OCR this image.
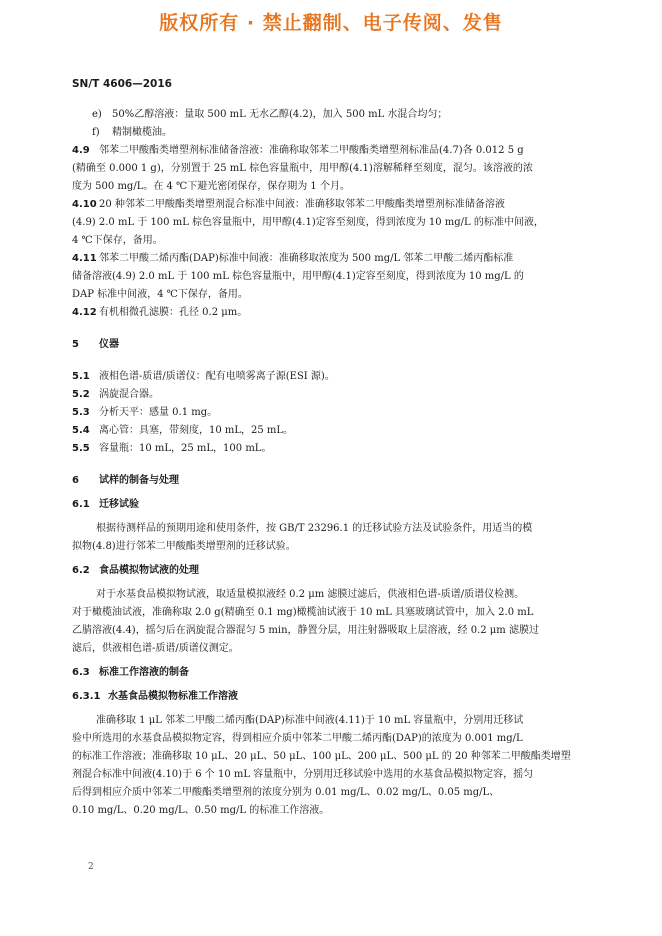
版权所有 · 禁止翻制、电子传阅、发售
SN/T 4606—2016
e) 50%乙醇溶液：量取 500 mL 无水乙醇(4.2)，加入 500 mL 水混合均匀；
f) 精制橄榄油。
4.9 邻苯二甲酸酯类增塑剂标准储备溶液：准确称取邻苯二甲酸酯类增塑剂标准品(4.7)各 0.012 5 g
(精确至 0.000 1 g)，分别置于 25 mL 棕色容量瓶中，用甲醇(4.1)溶解稀释至刻度，混匀。该溶液的浓
度为 500 mg/L。在 4 ℃下避光密闭保存，保存期为 1 个月。
4.10 20 种邻苯二甲酸酯类增塑剂混合标准中间液：准确移取邻苯二甲酸酯类增塑剂标准储备溶液
(4.9) 2.0 mL 于 100 mL 棕色容量瓶中，用甲醇(4.1)定容至刻度，得到浓度为 10 mg/L 的标准中间液，
4 ℃下保存，备用。
4.11 邻苯二甲酸二烯丙酯(DAP)标准中间液：准确移取浓度为 500 mg/L 邻苯二甲酸二烯丙酯标准
储备溶液(4.9) 2.0 mL 于 100 mL 棕色容量瓶中，用甲醇(4.1)定容至刻度，得到浓度为 10 mg/L 的
DAP 标准中间液，4 ℃下保存，备用。
4.12 有机相微孔滤膜：孔径 0.2 μm。
5 仪器
5.1 液相色谱-质谱/质谱仪：配有电喷雾离子源(ESI 源)。
5.2 涡旋混合器。
5.3 分析天平：感量 0.1 mg。
5.4 离心管：具塞，带刻度，10 mL，25 mL。
5.5 容量瓶：10 mL，25 mL，100 mL。
6 试样的制备与处理
6.1 迁移试验
根据待测样品的预期用途和使用条件，按 GB/T 23296.1 的迁移试验方法及试验条件，用适当的模
拟物(4.8)进行邻苯二甲酸酯类增塑剂的迁移试验。
6.2 食品模拟物试液的处理
对于水基食品模拟物试液，取适量模拟液经 0.2 μm 滤膜过滤后，供液相色谱-质谱/质谱仪检测。
对于橄榄油试液，准确称取 2.0 g(精确至 0.1 mg)橄榄油试液于 10 mL 具塞玻璃试管中，加入 2.0 mL
乙腈溶液(4.4)，摇匀后在涡旋混合器混匀 5 min，静置分层，用注射器吸取上层溶液，经 0.2 μm 滤膜过
滤后，供液相色谱-质谱/质谱仪测定。
6.3 标准工作溶液的制备
6.3.1 水基食品模拟物标准工作溶液
准确移取 1 μL 邻苯二甲酸二烯丙酯(DAP)标准中间液(4.11)于 10 mL 容量瓶中，分别用迁移试
验中所选用的水基食品模拟物定容，得到相应介质中邻苯二甲酸二烯丙酯(DAP)的浓度为 0.001 mg/L
的标准工作溶液；准确移取 10 μL、20 μL、50 μL、100 μL、200 μL、500 μL 的 20 种邻苯二甲酸酯类增塑
剂混合标准中间液(4.10)于 6 个 10 mL 容量瓶中，分别用迁移试验中选用的水基食品模拟物定容，摇匀
后得到相应介质中邻苯二甲酸酯类增塑剂的浓度分别为 0.01 mg/L、0.02 mg/L、0.05 mg/L、
0.10 mg/L、0.20 mg/L、0.50 mg/L 的标准工作溶液。
2
